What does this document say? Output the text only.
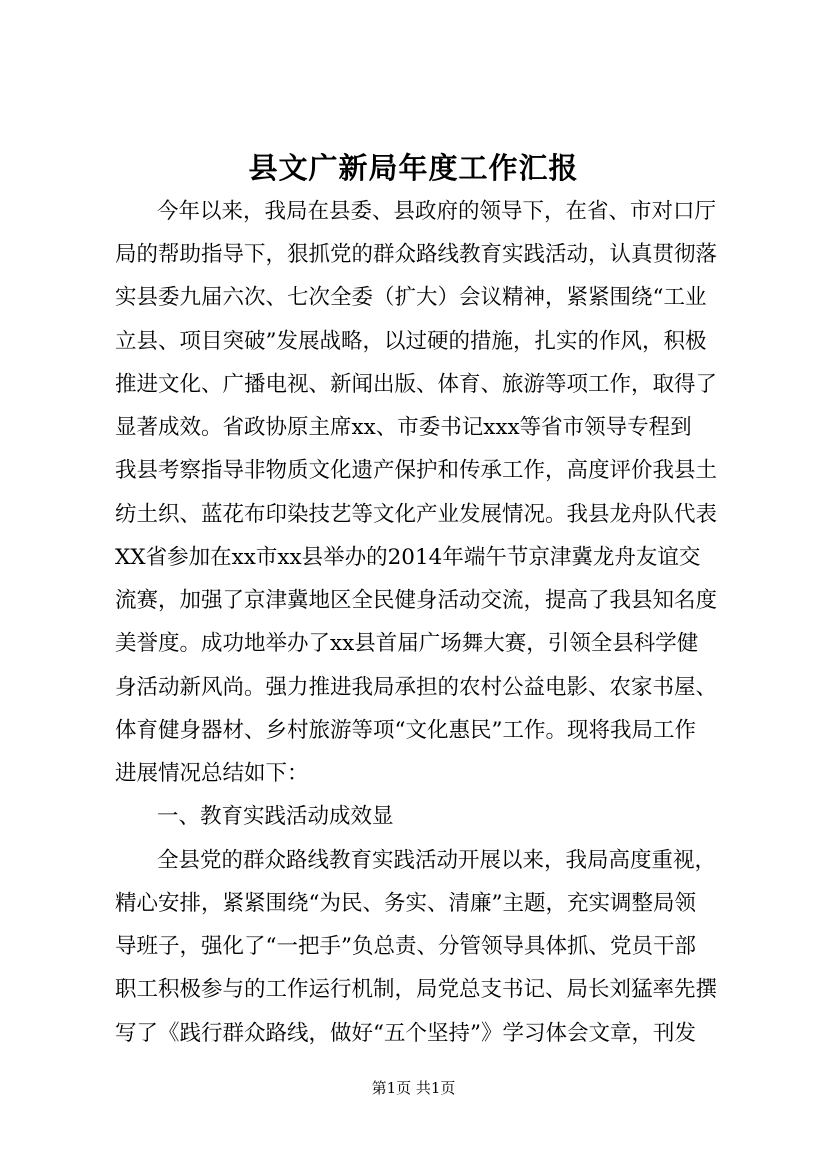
县文广新局年度工作汇报
今年以来，我局在县委、县政府的领导下，在省、市对口厅
局的帮助指导下，狠抓党的群众路线教育实践活动，认真贯彻落
实县委九届六次、七次全委（扩大）会议精神，紧紧围绕“工业
立县、项目突破”发展战略，以过硬的措施，扎实的作风，积极
推进文化、广播电视、新闻出版、体育、旅游等项工作，取得了
显著成效。省政协原主席xx、市委书记xxx等省市领导专程到
我县考察指导非物质文化遗产保护和传承工作，高度评价我县土
纺土织、蓝花布印染技艺等文化产业发展情况。我县龙舟队代表
XX省参加在xx市xx县举办的2014年端午节京津冀龙舟友谊交
流赛，加强了京津冀地区全民健身活动交流，提高了我县知名度
美誉度。成功地举办了xx县首届广场舞大赛，引领全县科学健
身活动新风尚。强力推进我局承担的农村公益电影、农家书屋、
体育健身器材、乡村旅游等项“文化惠民”工作。现将我局工作
进展情况总结如下：
一、教育实践活动成效显
全县党的群众路线教育实践活动开展以来，我局高度重视，
精心安排，紧紧围绕“为民、务实、清廉”主题，充实调整局领
导班子，强化了“一把手”负总责、分管领导具体抓、党员干部
职工积极参与的工作运行机制，局党总支书记、局长刘猛率先撰
写了《践行群众路线，做好“五个坚持”》学习体会文章，刊发
第1页 共1页
